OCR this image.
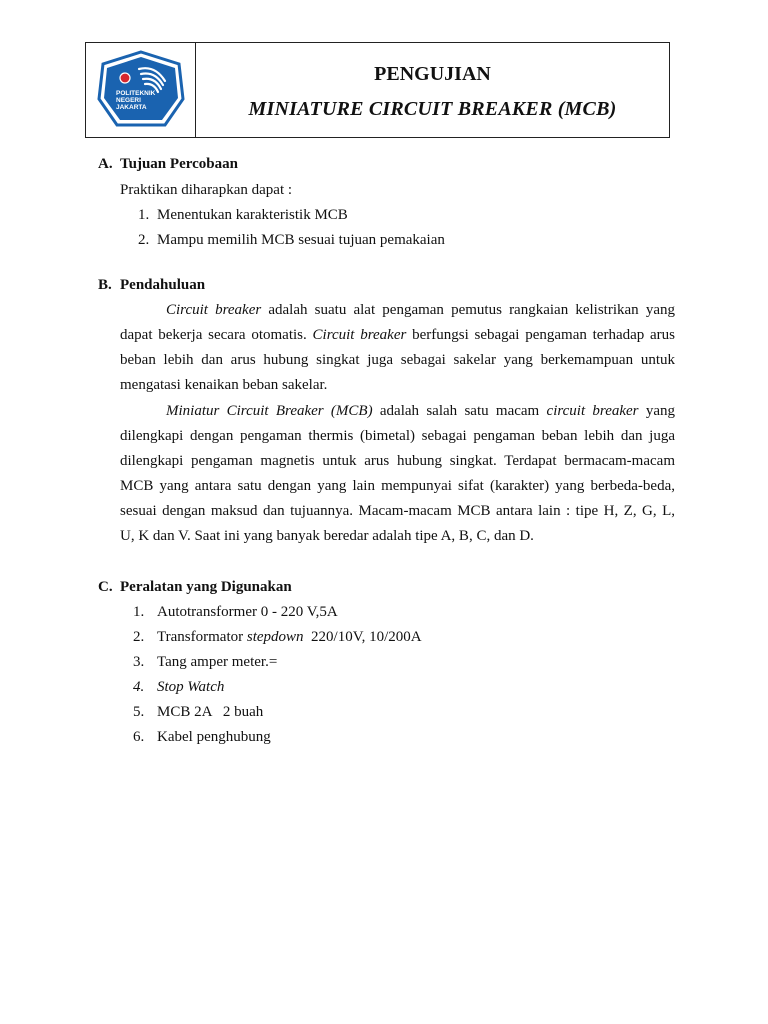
POLITEKNIK
NEGERI
JAKARTA
PENGUJIAN
MINIATURE CIRCUIT BREAKER (MCB)
A. Tujuan Percobaan
Praktikan diharapkan dapat :
1. Menentukan karakteristik MCB
2. Mampu memilih MCB sesuai tujuan pemakaian
B. Pendahuluan
Circuit breaker adalah suatu alat pengaman pemutus rangkaian kelistrikan yang
dapat bekerja secara otomatis. Circuit breaker berfungsi sebagai pengaman terhadap arus
beban lebih dan arus hubung singkat juga sebagai sakelar yang berkemampuan untuk
mengatasi kenaikan beban sakelar.
Miniatur Circuit Breaker (MCB) adalah salah satu macam circuit breaker yang
dilengkapi dengan pengaman thermis (bimetal) sebagai pengaman beban lebih dan juga
dilengkapi pengaman magnetis untuk arus hubung singkat. Terdapat bermacam-macam
MCB yang antara satu dengan yang lain mempunyai sifat (karakter) yang berbeda-beda,
sesuai dengan maksud dan tujuannya. Macam-macam MCB antara lain : tipe H, Z, G, L,
U, K dan V. Saat ini yang banyak beredar adalah tipe A, B, C, dan D.
C. Peralatan yang Digunakan
1. Autotransformer 0 - 220 V,5A
2. Transformator stepdown  220/10V, 10/200A
3. Tang amper meter.=
4. Stop Watch
5. MCB 2A   2 buah
6. Kabel penghubung
